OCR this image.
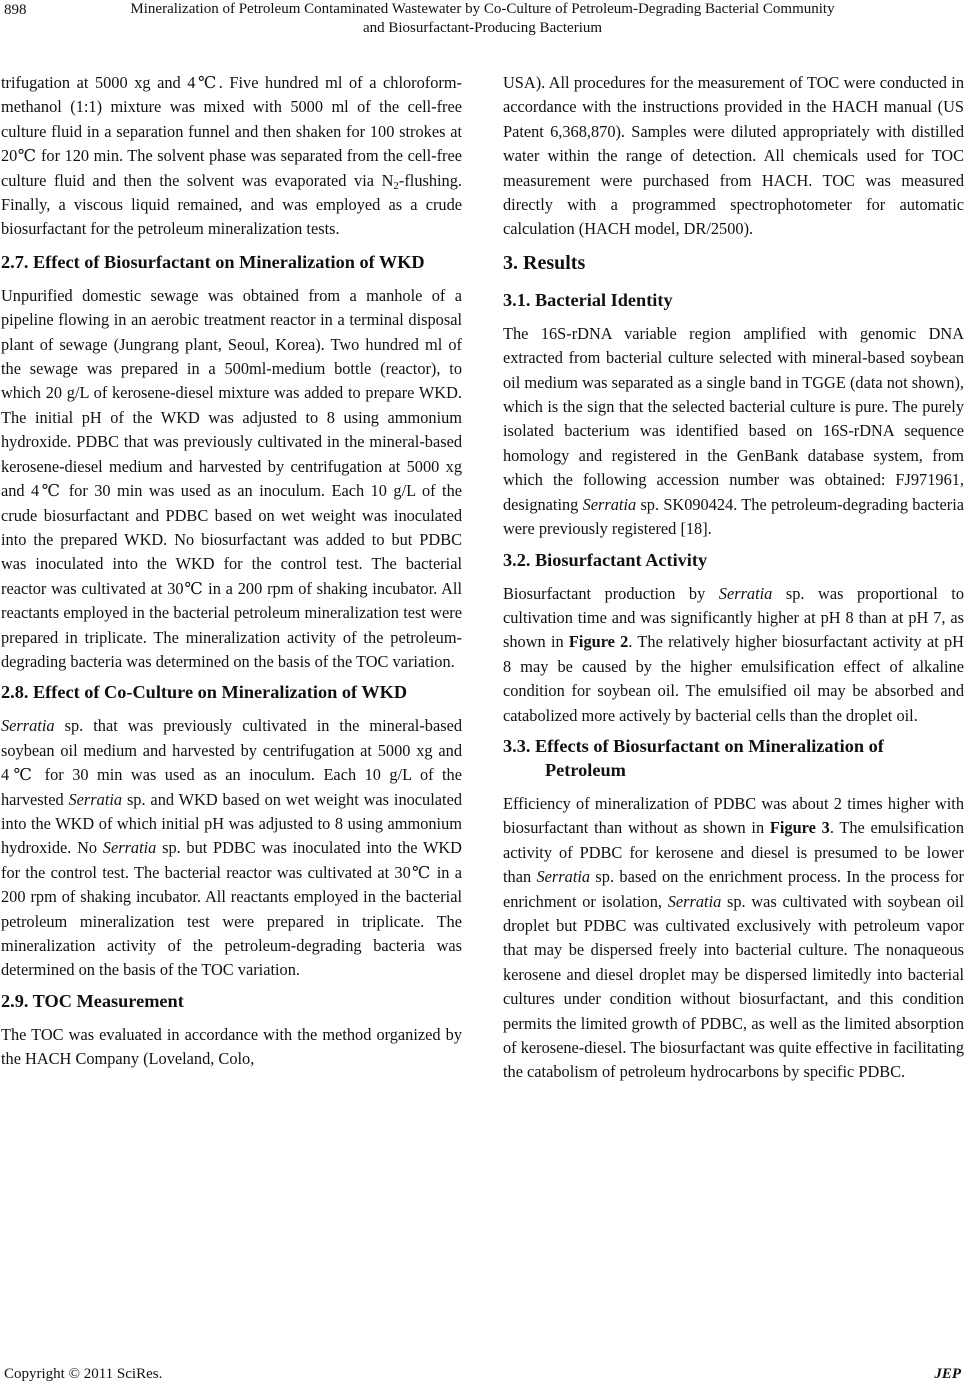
898	Mineralization of Petroleum Contaminated Wastewater by Co-Culture of Petroleum-Degrading Bacterial Community
and Biosurfactant-Producing Bacterium

trifugation at 5000 xg and 4℃. Five hundred ml of a chloroform-methanol (1:1) mixture was mixed with 5000 ml of the cell-free culture fluid in a separation funnel and then shaken for 100 strokes at 20℃ for 120 min. The solvent phase was separated from the cell-free culture fluid and then the solvent was evaporated via $N_2$-flushing. Finally, a viscous liquid remained, and was employed as a crude biosurfactant for the petroleum mineralization tests.

2.7. Effect of Biosurfactant on Mineralization of WKD

Unpurified domestic sewage was obtained from a manhole of a pipeline flowing in an aerobic treatment reactor in a terminal disposal plant of sewage (Jungrang plant, Seoul, Korea). Two hundred ml of the sewage was prepared in a 500ml-medium bottle (reactor), to which 20 g/L of kerosene-diesel mixture was added to prepare WKD. The initial pH of the WKD was adjusted to 8 using ammonium hydroxide. PDBC that was previously cultivated in the mineral-based kerosene-diesel medium and harvested by centrifugation at 5000 xg and 4℃ for 30 min was used as an inoculum. Each 10 g/L of the crude biosurfactant and PDBC based on wet weight was inoculated into the prepared WKD. No biosurfactant was added to but PDBC was inoculated into the WKD for the control test. The bacterial reactor was cultivated at 30℃ in a 200 rpm of shaking incubator. All reactants employed in the bacterial petroleum mineralization test were prepared in triplicate. The mineralization activity of the petroleum-degrading bacteria was determined on the basis of the TOC variation.

2.8. Effect of Co-Culture on Mineralization of WKD

Serratia sp. that was previously cultivated in the mineral-based soybean oil medium and harvested by centrifugation at 5000 xg and 4℃ for 30 min was used as an inoculum. Each 10 g/L of the harvested Serratia sp. and WKD based on wet weight was inoculated into the WKD of which initial pH was adjusted to 8 using ammonium hydroxide. No Serratia sp. but PDBC was inoculated into the WKD for the control test. The bacterial reactor was cultivated at 30℃ in a 200 rpm of shaking incubator. All reactants employed in the bacterial petroleum mineralization test were prepared in triplicate. The mineralization activity of the petroleum-degrading bacteria was determined on the basis of the TOC variation.

2.9. TOC Measurement

The TOC was evaluated in accordance with the method organized by the HACH Company (Loveland, Colo,

USA). All procedures for the measurement of TOC were conducted in accordance with the instructions provided in the HACH manual (US Patent 6,368,870). Samples were diluted appropriately with distilled water within the range of detection. All chemicals used for TOC measurement were purchased from HACH. TOC was measured directly with a programmed spectrophotometer for automatic calculation (HACH model, DR/2500).

3. Results
3.1. Bacterial Identity

The 16S-rDNA variable region amplified with genomic DNA extracted from bacterial culture selected with mineral-based soybean oil medium was separated as a single band in TGGE (data not shown), which is the sign that the selected bacterial culture is pure. The purely isolated bacterium was identified based on 16S-rDNA sequence homology and registered in the GenBank database system, from which the following accession number was obtained: FJ971961, designating Serratia sp. SK090424. The petroleum-degrading bacteria were previously registered [18].

3.2. Biosurfactant Activity

Biosurfactant production by Serratia sp. was proportional to cultivation time and was significantly higher at pH 8 than at pH 7, as shown in Figure 2. The relatively higher biosurfactant activity at pH 8 may be caused by the higher emulsification effect of alkaline condition for soybean oil. The emulsified oil may be absorbed and catabolized more actively by bacterial cells than the droplet oil.

3.3. Effects of Biosurfactant on Mineralization of Petroleum

Efficiency of mineralization of PDBC was about 2 times higher with biosurfactant than without as shown in Figure 3. The emulsification activity of PDBC for kerosene and diesel is presumed to be lower than Serratia sp. based on the enrichment process. In the process for enrichment or isolation, Serratia sp. was cultivated with soybean oil droplet but PDBC was cultivated exclusively with petroleum vapor that may be dispersed freely into bacterial culture. The nonaqueous kerosene and diesel droplet may be dispersed limitedly into bacterial cultures under condition without biosurfactant, and this condition permits the limited growth of PDBC, as well as the limited absorption of kerosene-diesel. The biosurfactant was quite effective in facilitating the catabolism of petroleum hydrocarbons by specific PDBC.

Copyright © 2011 SciRes.	JEP
